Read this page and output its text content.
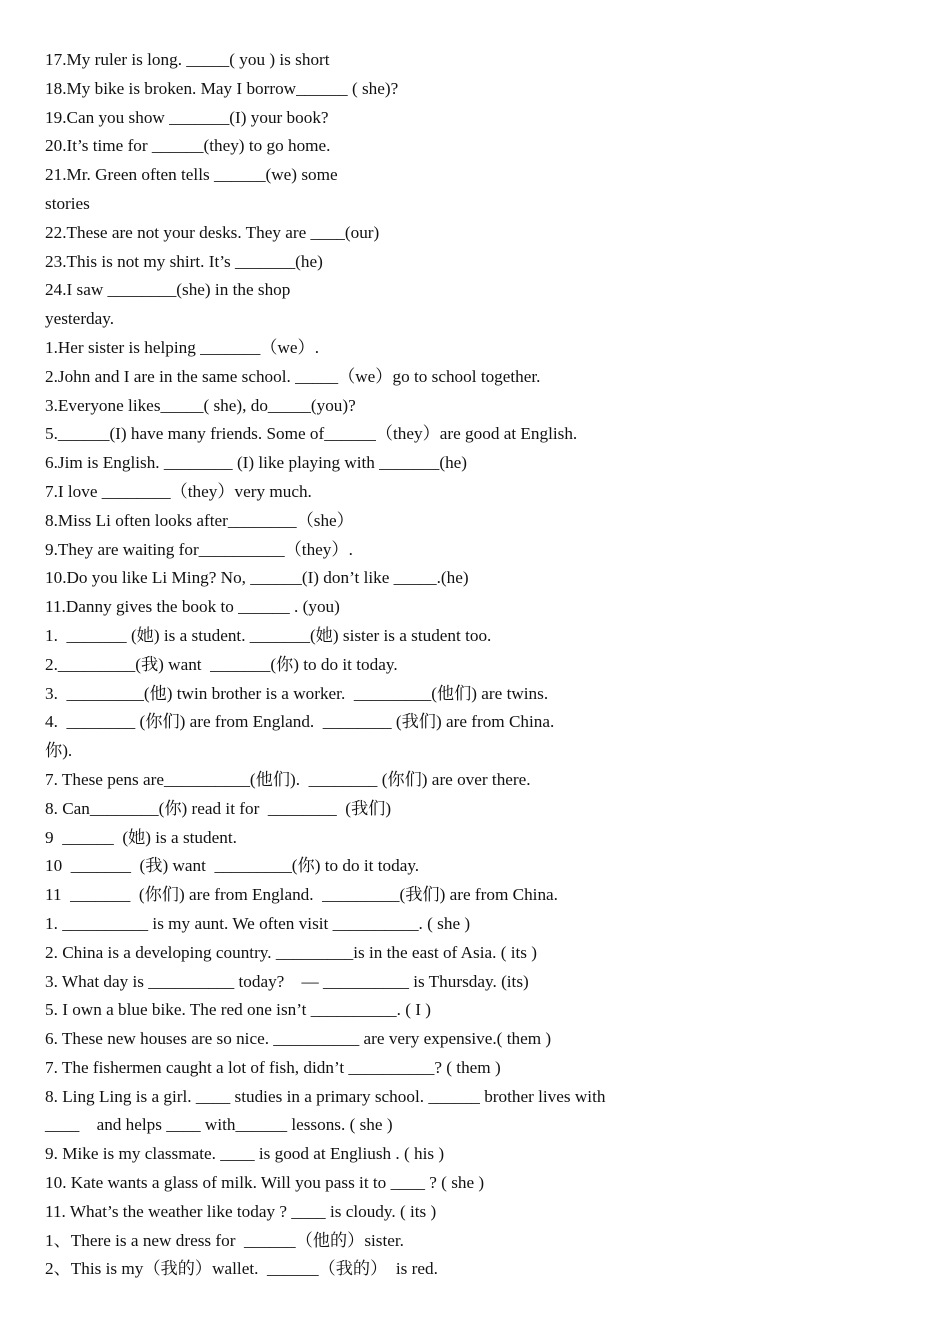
17.My ruler is long. _____( you ) is short
18.My bike is broken. May I borrow______ ( she)?
19.Can you show _______(I) your book?
20.It’s time for ______(they) to go home.
21.Mr. Green often tells ______(we) some
stories
22.These are not your desks. They are ____(our)
23.This is not my shirt. It’s _______(he)
24.I saw ________(she) in the shop
yesterday.
1.Her sister is helping _______（we）.
2.John and I are in the same school. _____（we）go to school together.
3.Everyone likes_____( she), do_____(you)?
5.______(I) have many friends. Some of______（they）are good at English.
6.Jim is English. ________ (I) like playing with _______(he)
7.I love ________（they）very much.
8.Miss Li often looks after________（she）
9.They are waiting for__________（they）.
10.Do you like Li Ming? No, ______(I) don’t like _____.(he)
11.Danny gives the book to ______ . (you)
1.  _______ (她) is a student. _______(她) sister is a student too.
2._________(我) want  _______(你) to do it today.
3.  _________(他) twin brother is a worker.  _________(他们) are twins.
4.  ________ (你们) are from England.  ________ (我们) are from China.
你).
7. These pens are__________(他们).  ________ (你们) are over there.
8. Can________(你) read it for  ________  (我们)
9  ______  (她) is a student.
10  _______  (我) want  _________(你) to do it today.
11  _______  (你们) are from England.  _________(我们) are from China.
1. __________ is my aunt. We often visit __________. ( she )
2. China is a developing country. _________is in the east of Asia. ( its )
3. What day is __________ today?    — __________ is Thursday. (its)
5. I own a blue bike. The red one isn’t __________. ( I )
6. These new houses are so nice. __________ are very expensive.( them )
7. The fishermen caught a lot of fish, didn’t __________? ( them )
8. Ling Ling is a girl. ____ studies in a primary school. ______ brother lives with
____    and helps ____ with______ lessons. ( she )
9. Mike is my classmate. ____ is good at Engliush . ( his )
10. Kate wants a glass of milk. Will you pass it to ____ ? ( she )
11. What’s the weather like today ? ____ is cloudy. ( its )
1、There is a new dress for  ______（他的）sister.
2、This is my（我的）wallet.  ______（我的）  is red.
